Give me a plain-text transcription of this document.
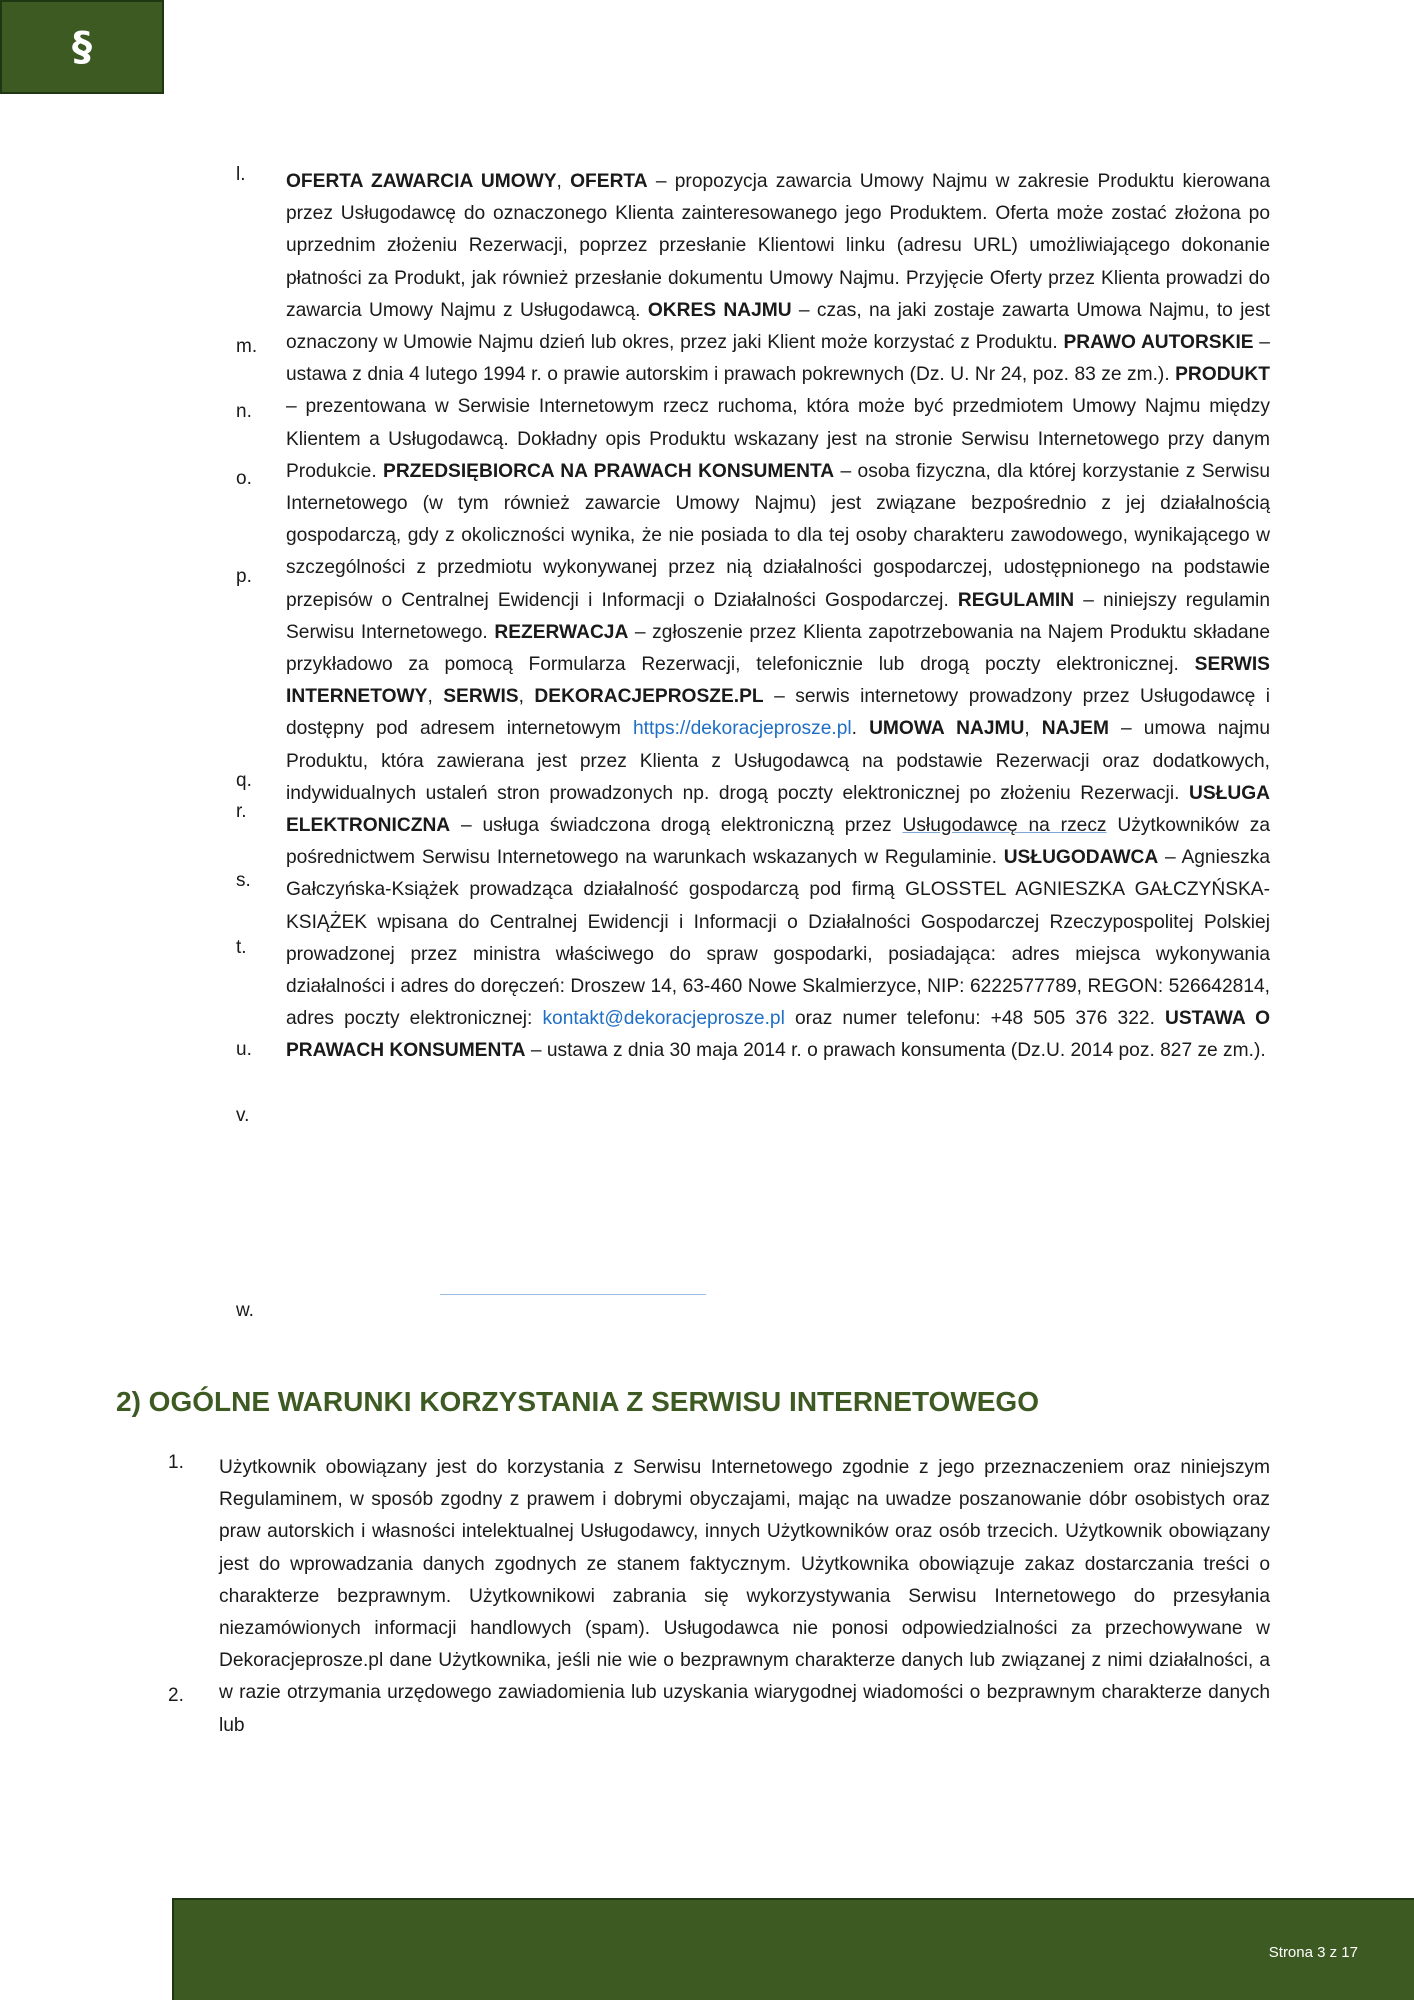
§
l.
m.
n.
o.
p.
q.
r.
s.
t.
u.
v.
w.
OFERTA ZAWARCIA UMOWY, OFERTA – propozycja zawarcia Umowy Najmu w zakresie Produktu kierowana przez Usługodawcę do oznaczonego Klienta zainteresowanego jego Produktem. Oferta może zostać złożona po uprzednim złożeniu Rezerwacji, poprzez przesłanie Klientowi linku (adresu URL) umożliwiającego dokonanie płatności za Produkt, jak również przesłanie dokumentu Umowy Najmu. Przyjęcie Oferty przez Klienta prowadzi do zawarcia Umowy Najmu z Usługodawcą. OKRES NAJMU – czas, na jaki zostaje zawarta Umowa Najmu, to jest oznaczony w Umowie Najmu dzień lub okres, przez jaki Klient może korzystać z Produktu. PRAWO AUTORSKIE – ustawa z dnia 4 lutego 1994 r. o prawie autorskim i prawach pokrewnych (Dz. U. Nr 24, poz. 83 ze zm.). PRODUKT – prezentowana w Serwisie Internetowym rzecz ruchoma, która może być przedmiotem Umowy Najmu między Klientem a Usługodawcą. Dokładny opis Produktu wskazany jest na stronie Serwisu Internetowego przy danym Produkcie. PRZEDSIĘBIORCA NA PRAWACH KONSUMENTA – osoba fizyczna, dla której korzystanie z Serwisu Internetowego (w tym również zawarcie Umowy Najmu) jest związane bezpośrednio z jej działalnością gospodarczą, gdy z okoliczności wynika, że nie posiada to dla tej osoby charakteru zawodowego, wynikającego w szczególności z przedmiotu wykonywanej przez nią działalności gospodarczej, udostępnionego na podstawie przepisów o Centralnej Ewidencji i Informacji o Działalności Gospodarczej. REGULAMIN – niniejszy regulamin Serwisu Internetowego. REZERWACJA – zgłoszenie przez Klienta zapotrzebowania na Najem Produktu składane przykładowo za pomocą Formularza Rezerwacji, telefonicznie lub drogą poczty elektronicznej. SERWIS INTERNETOWY, SERWIS, DEKORACJEPROSZE.PL – serwis internetowy prowadzony przez Usługodawcę i dostępny pod adresem internetowym https://dekoracjeprosze.pl. UMOWA NAJMU, NAJEM – umowa najmu Produktu, która zawierana jest przez Klienta z Usługodawcą na podstawie Rezerwacji oraz dodatkowych, indywidualnych ustaleń stron prowadzonych np. drogą poczty elektronicznej po złożeniu Rezerwacji. USŁUGA ELEKTRONICZNA – usługa świadczona drogą elektroniczną przez Usługodawcę na rzecz Użytkowników za pośrednictwem Serwisu Internetowego na warunkach wskazanych w Regulaminie. USŁUGODAWCA – Agnieszka Gałczyńska-Książek prowadząca działalność gospodarczą pod firmą GLOSSTEL AGNIESZKA GAŁCZYŃSKA-KSIĄŻEK wpisana do Centralnej Ewidencji i Informacji o Działalności Gospodarczej Rzeczypospolitej Polskiej prowadzonej przez ministra właściwego do spraw gospodarki, posiadająca: adres miejsca wykonywania działalności i adres do doręczeń: Droszew 14, 63-460 Nowe Skalmierzyce, NIP: 6222577789, REGON: 526642814, adres poczty elektronicznej: kontakt@dekoracjeprosze.pl oraz numer telefonu: +48 505 376 322. USTAWA O PRAWACH KONSUMENTA – ustawa z dnia 30 maja 2014 r. o prawach konsumenta (Dz.U. 2014 poz. 827 ze zm.).
2) OGÓLNE WARUNKI KORZYSTANIA Z SERWISU INTERNETOWEGO
1.
2.
Użytkownik obowiązany jest do korzystania z Serwisu Internetowego zgodnie z jego przeznaczeniem oraz niniejszym Regulaminem, w sposób zgodny z prawem i dobrymi obyczajami, mając na uwadze poszanowanie dóbr osobistych oraz praw autorskich i własności intelektualnej Usługodawcy, innych Użytkowników oraz osób trzecich. Użytkownik obowiązany jest do wprowadzania danych zgodnych ze stanem faktycznym. Użytkownika obowiązuje zakaz dostarczania treści o charakterze bezprawnym. Użytkownikowi zabrania się wykorzystywania Serwisu Internetowego do przesyłania niezamówionych informacji handlowych (spam). Usługodawca nie ponosi odpowiedzialności za przechowywane w Dekoracjeprosze.pl dane Użytkownika, jeśli nie wie o bezprawnym charakterze danych lub związanej z nimi działalności, a w razie otrzymania urzędowego zawiadomienia lub uzyskania wiarygodnej wiadomości o bezprawnym charakterze danych lub
Strona 3 z 17
